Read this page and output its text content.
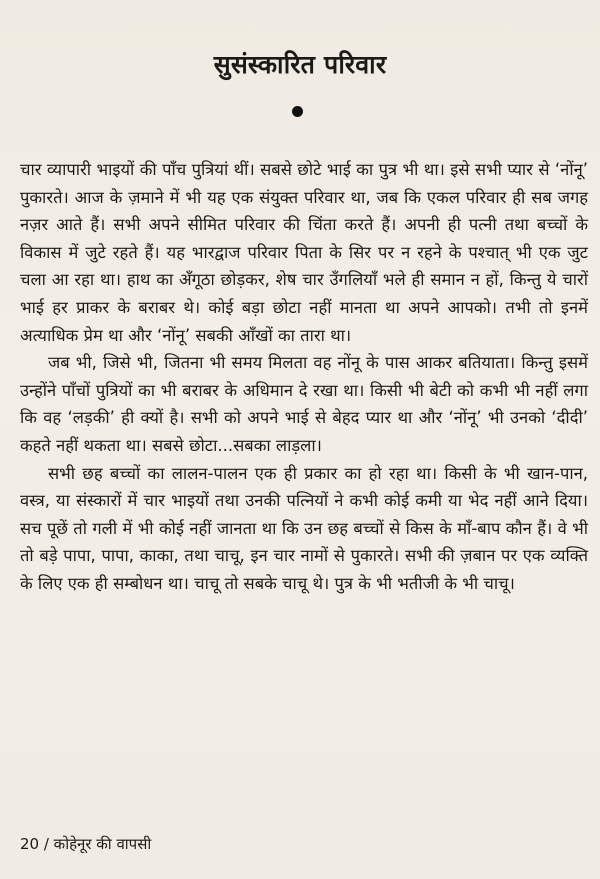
सुसंस्कारित परिवार

चार व्यापारी भाइयों की पाँच पुत्रियां थीं। सबसे छोटे भाई का पुत्र भी था। इसे सभी प्यार से ‘नोंनू’ पुकारते। आज के ज़माने में भी यह एक संयुक्त परिवार था, जब कि एकल परिवार ही सब जगह नज़र आते हैं। सभी अपने सीमित परिवार की चिंता करते हैं। अपनी ही पत्नी तथा बच्चों के विकास में जुटे रहते हैं। यह भारद्वाज परिवार पिता के सिर पर न रहने के पश्चात् भी एक जुट चला आ रहा था। हाथ का अँगूठा छोड़कर, शेष चार उँगलियाँ भले ही समान न हों, किन्तु ये चारों भाई हर प्राकर के बराबर थे। कोई बड़ा छोटा नहीं मानता था अपने आपको। तभी तो इनमें अत्याधिक प्रेम था और ‘नोंनू’ सबकी आँखों का तारा था।

जब भी, जिसे भी, जितना भी समय मिलता वह नोंनू के पास आकर बतियाता। किन्तु इसमें उन्होंने पाँचों पुत्रियों का भी बराबर के अधिमान दे रखा था। किसी भी बेटी को कभी भी नहीं लगा कि वह ‘लड़की’ ही क्यों है। सभी को अपने भाई से बेहद प्यार था और ‘नोंनू’ भी उनको ‘दीदी’ कहते नहीं थकता था। सबसे छोटा...सबका लाड़ला।

सभी छह बच्चों का लालन-पालन एक ही प्रकार का हो रहा था। किसी के भी खान-पान, वस्त्र, या संस्कारों में चार भाइयों तथा उनकी पत्नियों ने कभी कोई कमी या भेद नहीं आने दिया। सच पूछें तो गली में भी कोई नहीं जानता था कि उन छह बच्चों से किस के माँ-बाप कौन हैं। वे भी तो बड़े पापा, पापा, काका, तथा चाचू, इन चार नामों से पुकारते। सभी की ज़बान पर एक व्यक्ति के लिए एक ही सम्बोधन था। चाचू तो सबके चाचू थे। पुत्र के भी भतीजी के भी चाचू।

20 / कोहेनूर की वापसी
